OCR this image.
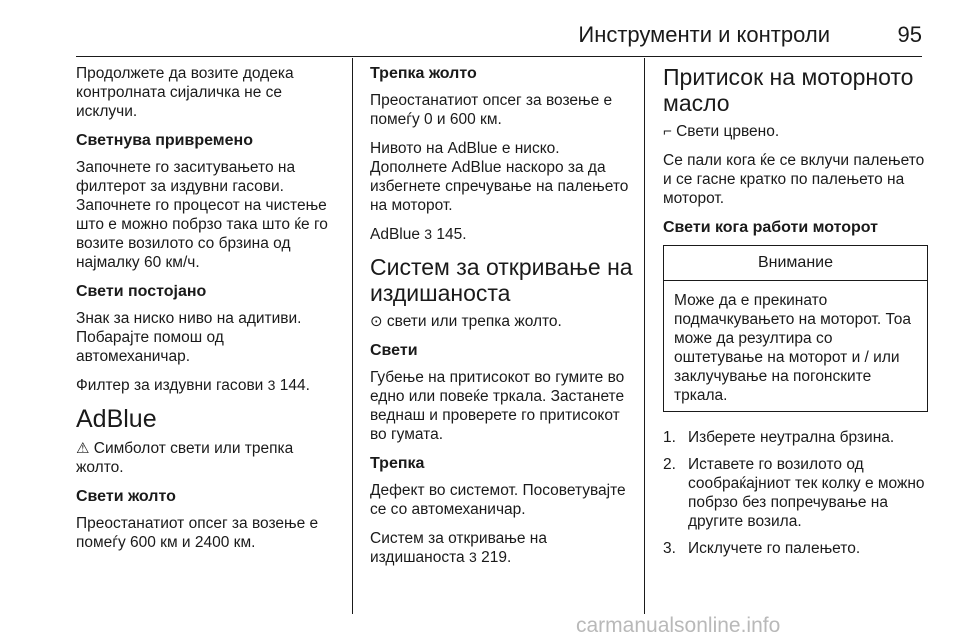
Инструменти и контроли	95

Продолжете да возите додека контролната сијаличка не се исклучи.

Светнува привремено

Започнете го заситувањето на филтерот за издувни гасови. Започнете го процесот на чистење што е можно побрзо така што ќе го возите возилото со брзина од најмалку 60 км/ч.

Свети постојано

Знак за ниско ниво на адитиви. Побарајте помош од автомеханичар.

Филтер за издувни гасови 3 144.

AdBlue

⚠ Симболот свети или трепка жолто.

Свети жолто

Преостанатиот опсег за возење е помеѓу 600 км и 2400 км.

Трепка жолто

Преостанатиот опсег за возење е помеѓу 0 и 600 км.

Нивото на AdBlue е ниско. Дополнете AdBlue наскоро за да избегнете спречување на палењето на моторот.

AdBlue 3 145.

Систем за откривање на издишаноста

⊙ свети или трепка жолто.

Свети

Губење на притисокот во гумите во едно или повеќе тркала. Застанете веднаш и проверете го притисокот во гумата.

Трепка

Дефект во системот. Посоветувајте се со автомеханичар.

Систем за откривање на издишаноста 3 219.

Притисок на моторното масло

⌐ Свети црвено.

Се пали кога ќе се вклучи палењето и се гасне кратко по палењето на моторот.

Свети кога работи моторот
Внимание
Може да е прекинато подмачкувањето на моторот. Тоа може да резултира со оштетување на моторот и / или заклучување на погонските тркала.
1. Изберете неутрална брзина.
2. Иставете го возилото од сообраќајниот тек колку е можно побрзо без попречување на другите возила.
3. Исклучете го палењето.
carmanualsonline.info
